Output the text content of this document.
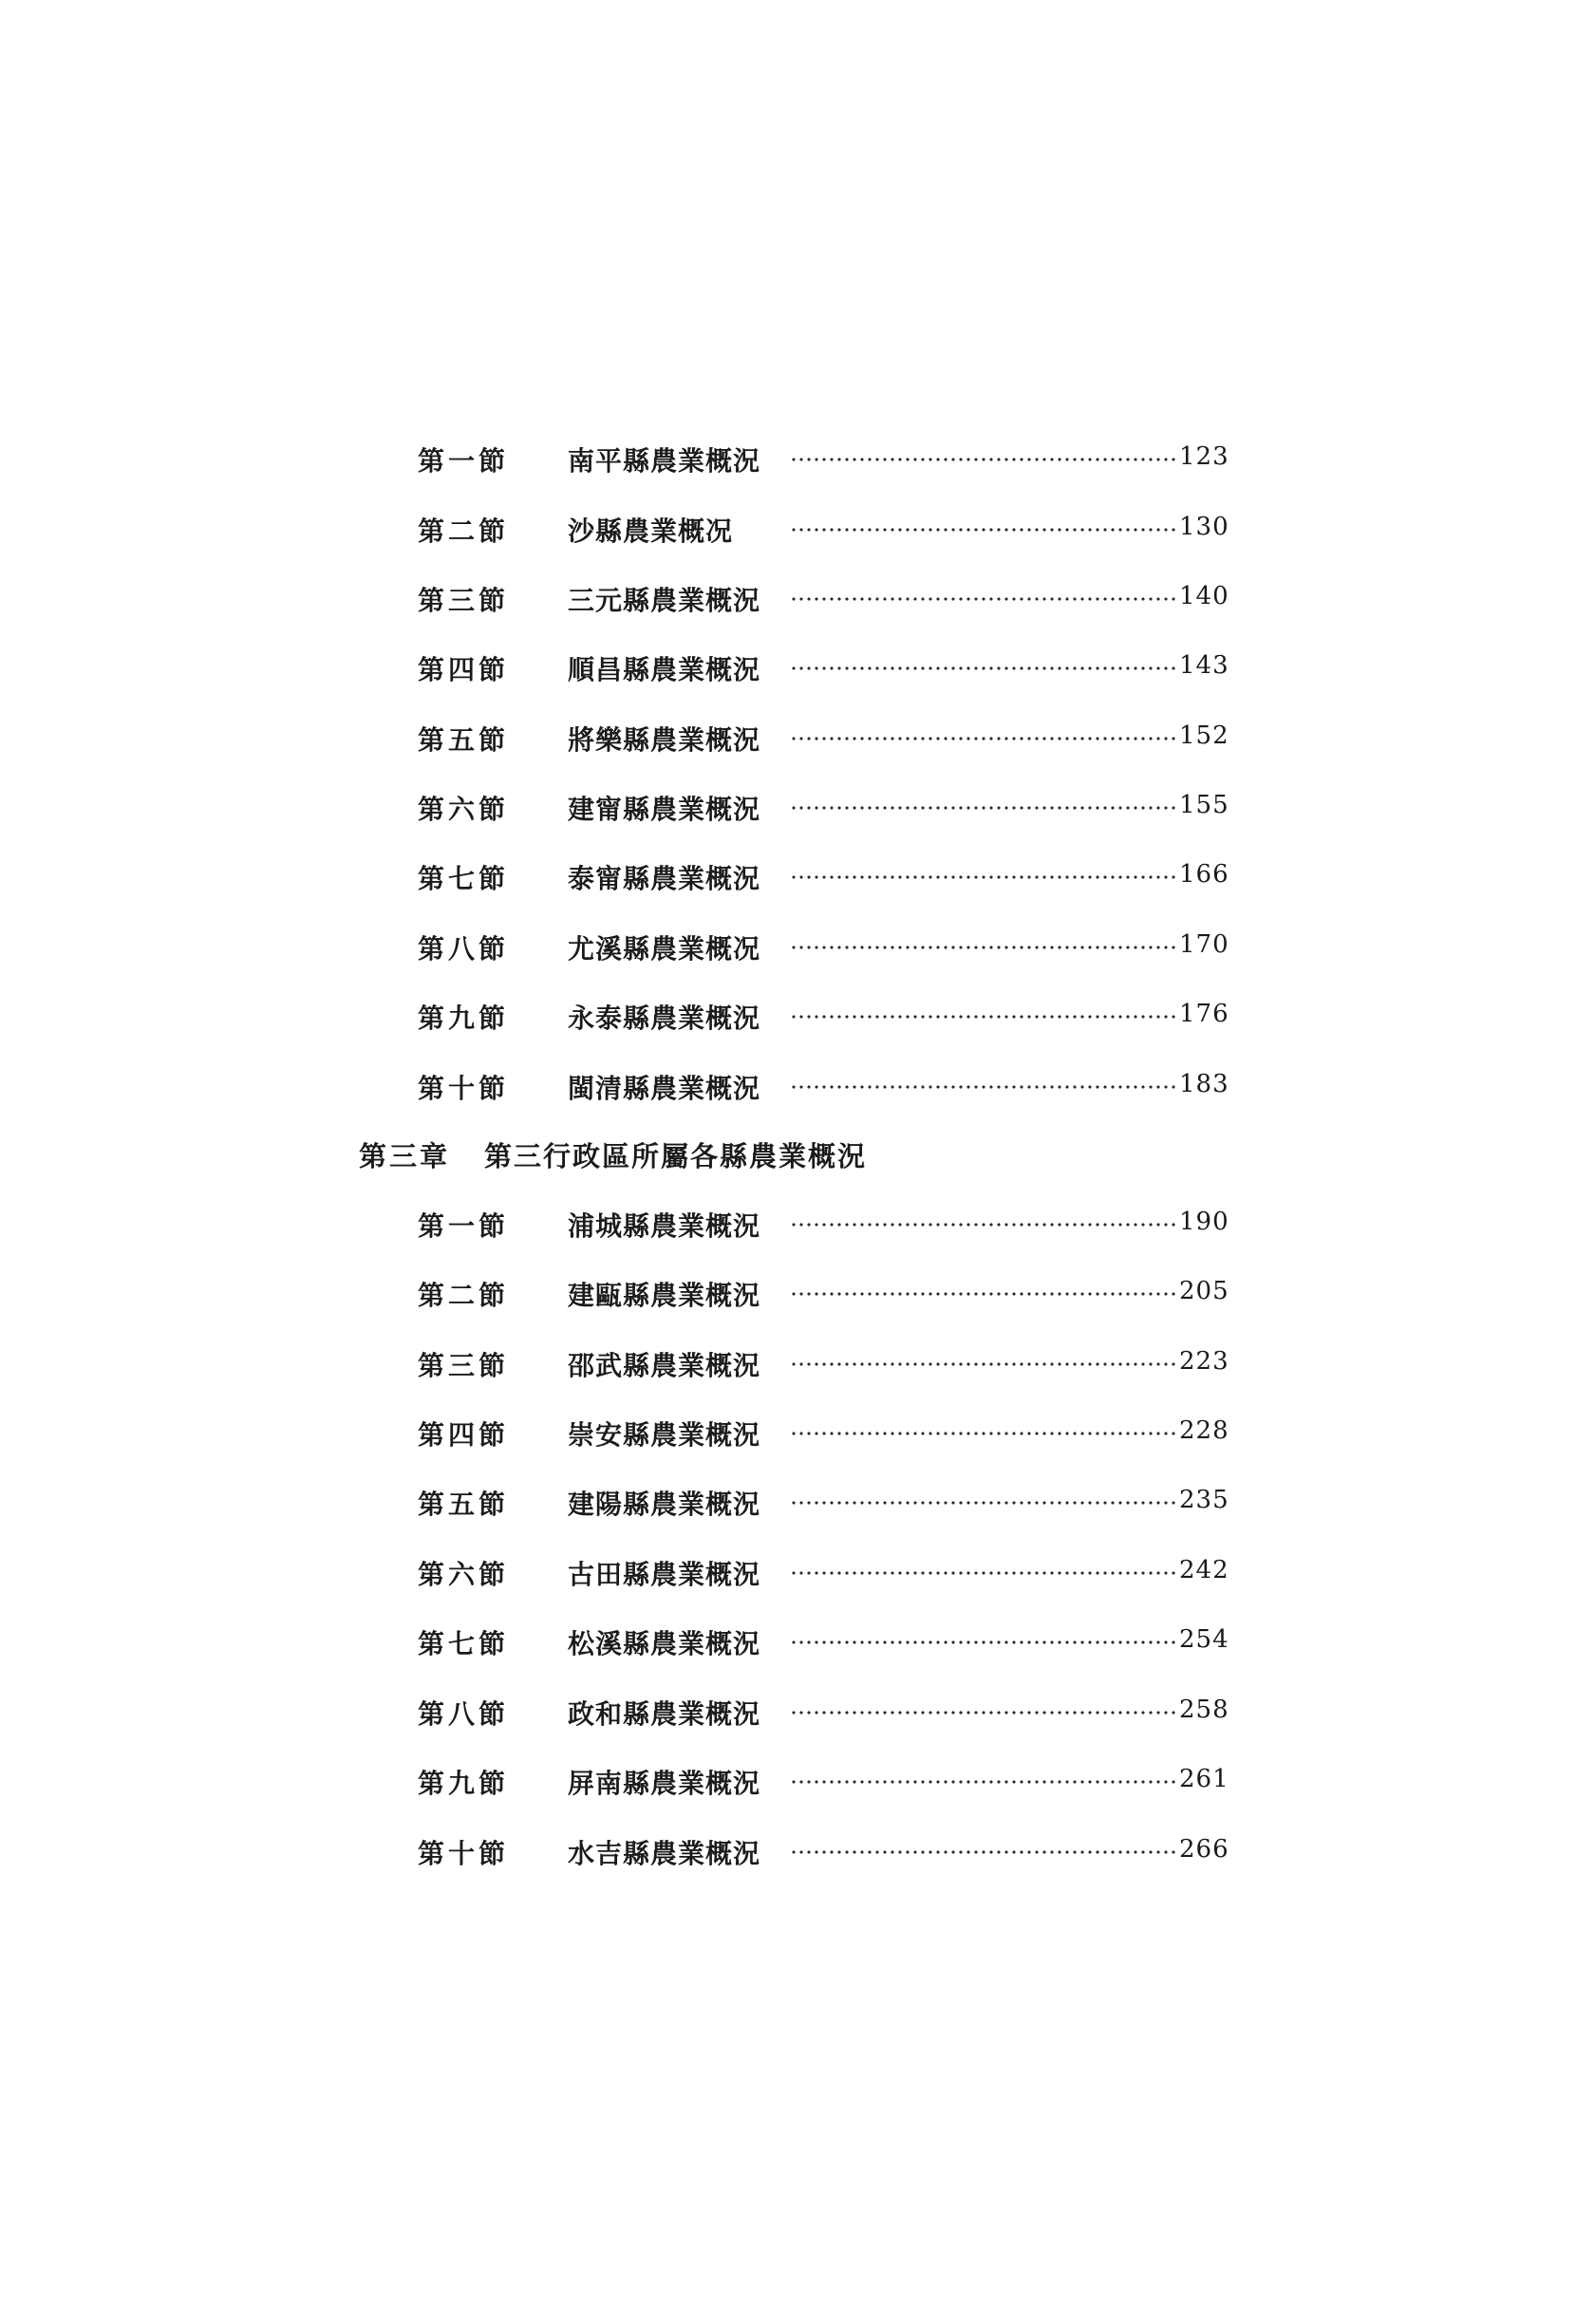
第一節 南平縣農業概況	123
第二節 沙縣農業概况	130
第三節 三元縣農業概況	140
第四節 順昌縣農業概況	143
第五節 將樂縣農業概況	152
第六節 建甯縣農業概況	155
第七節 泰甯縣農業概況	166
第八節 尤溪縣農業概况	170
第九節 永泰縣農業概況	176
第十節 閩清縣農業概況	183
第三章 第三行政區所屬各縣農業概況
第一節 浦城縣農業概況	190
第二節 建甌縣農業概況	205
第三節 邵武縣農業概況	223
第四節 崇安縣農業概況	228
第五節 建陽縣農業概況	235
第六節 古田縣農業概況	242
第七節 松溪縣農業概況	254
第八節 政和縣農業概況	258
第九節 屏南縣農業概況	261
第十節 水吉縣農業概況	266
